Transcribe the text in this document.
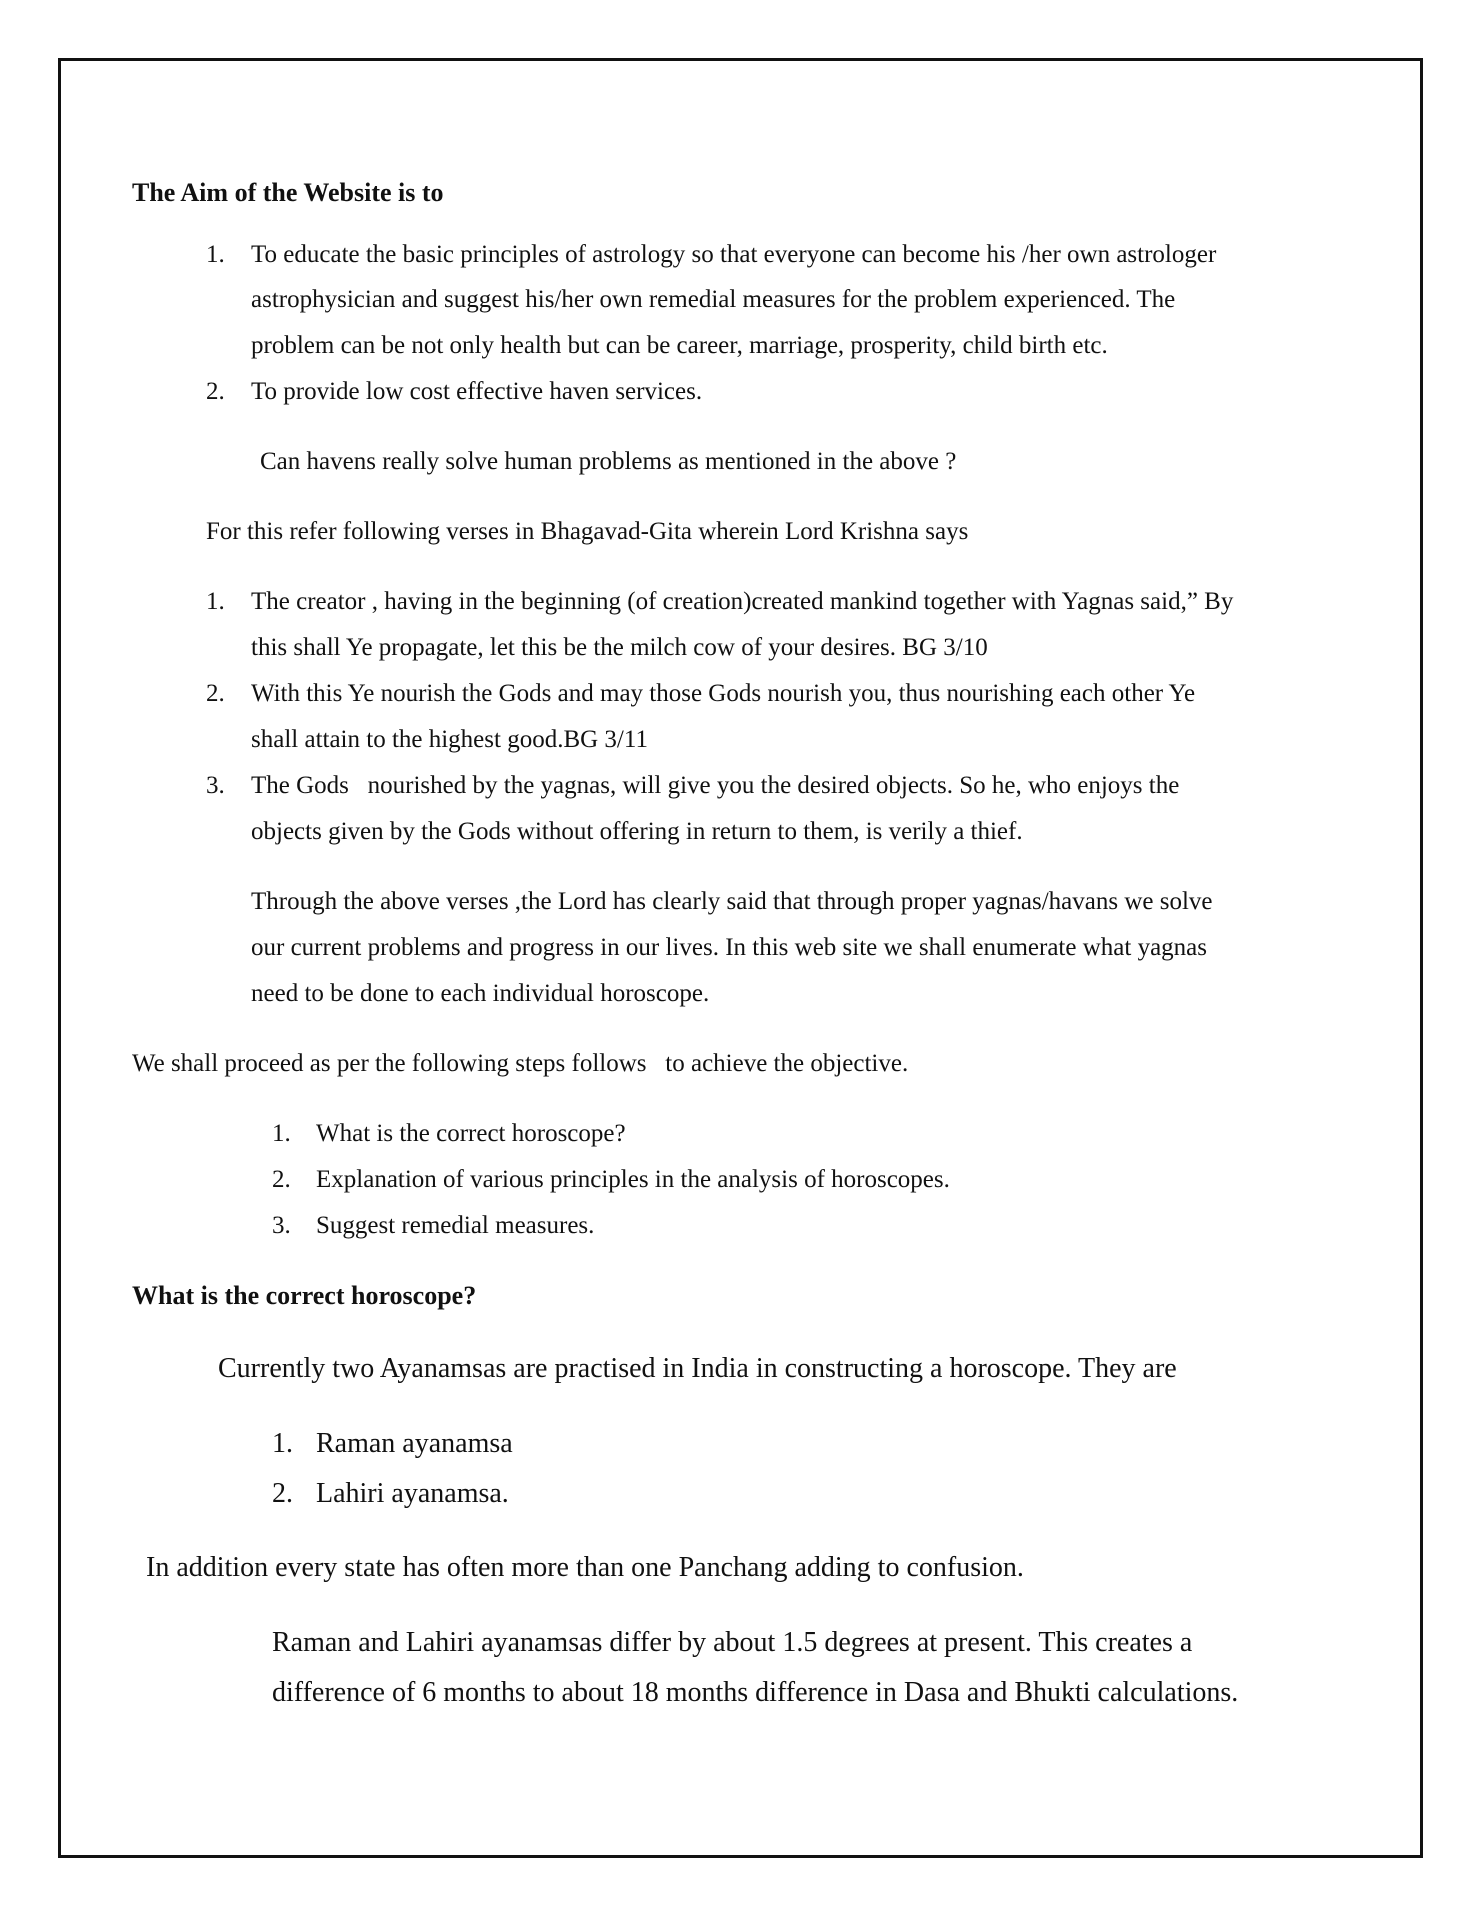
The Aim of the Website is to
1. To educate the basic principles of astrology so that everyone can become his /her own astrologer
astrophysician and suggest his/her own remedial measures for the problem experienced. The
problem can be not only health but can be career, marriage, prosperity, child birth etc.
2. To provide low cost effective haven services.
Can havens really solve human problems as mentioned in the above ?
For this refer following verses in Bhagavad-Gita wherein Lord Krishna says
1. The creator , having in the beginning (of creation)created mankind together with Yagnas said,” By
this shall Ye propagate, let this be the milch cow of your desires. BG 3/10
2. With this Ye nourish the Gods and may those Gods nourish you, thus nourishing each other Ye
shall attain to the highest good.BG 3/11
3. The Gods   nourished by the yagnas, will give you the desired objects. So he, who enjoys the
objects given by the Gods without offering in return to them, is verily a thief.
Through the above verses ,the Lord has clearly said that through proper yagnas/havans we solve
our current problems and progress in our lives. In this web site we shall enumerate what yagnas
need to be done to each individual horoscope.
We shall proceed as per the following steps follows   to achieve the objective.
1. What is the correct horoscope?
2. Explanation of various principles in the analysis of horoscopes.
3. Suggest remedial measures.
What is the correct horoscope?
Currently two Ayanamsas are practised in India in constructing a horoscope. They are
1. Raman ayanamsa
2. Lahiri ayanamsa.
In addition every state has often more than one Panchang adding to confusion.
Raman and Lahiri ayanamsas differ by about 1.5 degrees at present. This creates a
difference of 6 months to about 18 months difference in Dasa and Bhukti calculations.
